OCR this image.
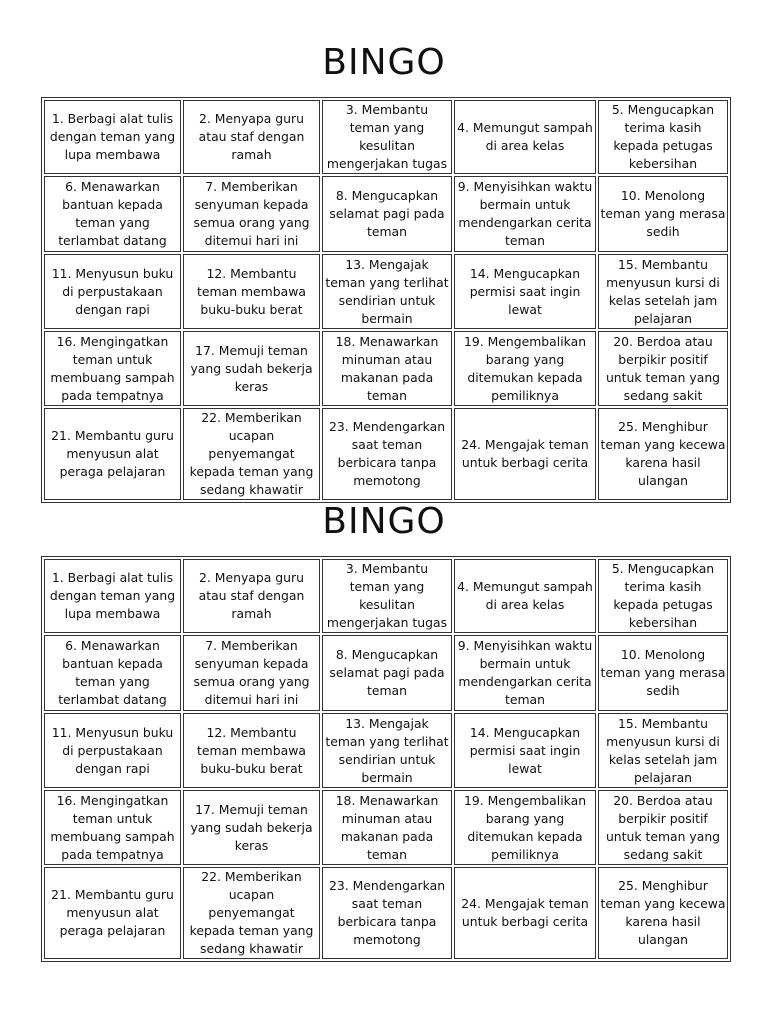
BINGO
1. Berbagi alat tulis dengan teman yang lupa membawa	2. Menyapa guru atau staf dengan ramah	3. Membantu teman yang kesulitan mengerjakan tugas	4. Memungut sampah di area kelas	5. Mengucapkan terima kasih kepada petugas kebersihan
6. Menawarkan bantuan kepada teman yang terlambat datang	7. Memberikan senyuman kepada semua orang yang ditemui hari ini	8. Mengucapkan selamat pagi pada teman	9. Menyisihkan waktu bermain untuk mendengarkan cerita teman	10. Menolong teman yang merasa sedih
11. Menyusun buku di perpustakaan dengan rapi	12. Membantu teman membawa buku-buku berat	13. Mengajak teman yang terlihat sendirian untuk bermain	14. Mengucapkan permisi saat ingin lewat	15. Membantu menyusun kursi di kelas setelah jam pelajaran
16. Mengingatkan teman untuk membuang sampah pada tempatnya	17. Memuji teman yang sudah bekerja keras	18. Menawarkan minuman atau makanan pada teman	19. Mengembalikan barang yang ditemukan kepada pemiliknya	20. Berdoa atau berpikir positif untuk teman yang sedang sakit
21. Membantu guru menyusun alat peraga pelajaran	22. Memberikan ucapan penyemangat kepada teman yang sedang khawatir	23. Mendengarkan saat teman berbicara tanpa memotong	24. Mengajak teman untuk berbagi cerita	25. Menghibur teman yang kecewa karena hasil ulangan
BINGO
1. Berbagi alat tulis dengan teman yang lupa membawa	2. Menyapa guru atau staf dengan ramah	3. Membantu teman yang kesulitan mengerjakan tugas	4. Memungut sampah di area kelas	5. Mengucapkan terima kasih kepada petugas kebersihan
6. Menawarkan bantuan kepada teman yang terlambat datang	7. Memberikan senyuman kepada semua orang yang ditemui hari ini	8. Mengucapkan selamat pagi pada teman	9. Menyisihkan waktu bermain untuk mendengarkan cerita teman	10. Menolong teman yang merasa sedih
11. Menyusun buku di perpustakaan dengan rapi	12. Membantu teman membawa buku-buku berat	13. Mengajak teman yang terlihat sendirian untuk bermain	14. Mengucapkan permisi saat ingin lewat	15. Membantu menyusun kursi di kelas setelah jam pelajaran
16. Mengingatkan teman untuk membuang sampah pada tempatnya	17. Memuji teman yang sudah bekerja keras	18. Menawarkan minuman atau makanan pada teman	19. Mengembalikan barang yang ditemukan kepada pemiliknya	20. Berdoa atau berpikir positif untuk teman yang sedang sakit
21. Membantu guru menyusun alat peraga pelajaran	22. Memberikan ucapan penyemangat kepada teman yang sedang khawatir	23. Mendengarkan saat teman berbicara tanpa memotong	24. Mengajak teman untuk berbagi cerita	25. Menghibur teman yang kecewa karena hasil ulangan
